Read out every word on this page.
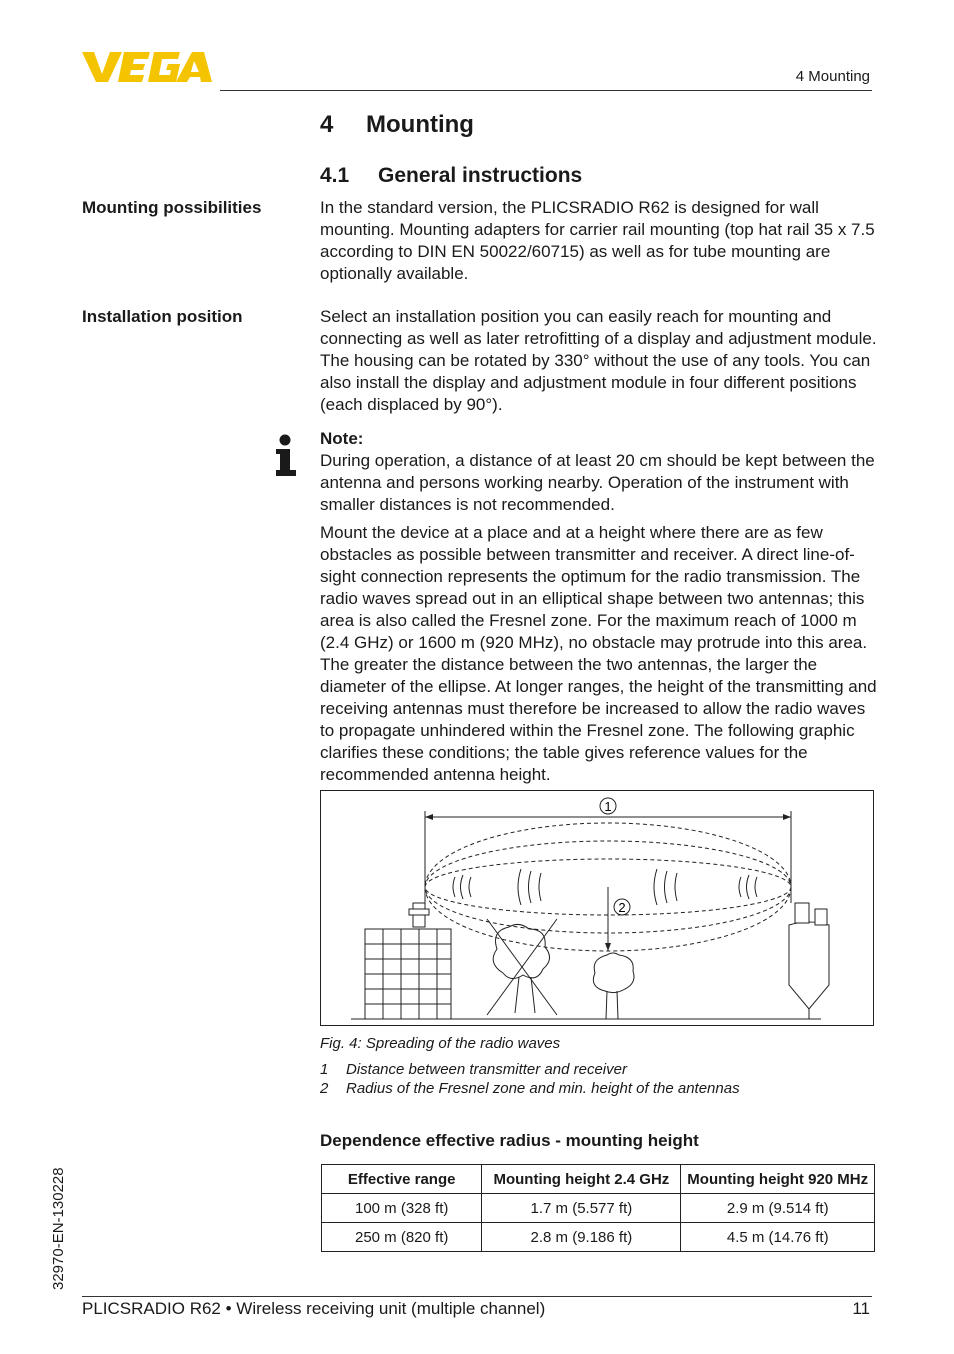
4 Mounting
4 Mounting
4.1 General instructions
Mounting possibilities	In the standard version, the PLICSRADIO R62 is designed for wall mounting. Mounting adapters for carrier rail mounting (top hat rail 35 x 7.5 according to DIN EN 50022/60715) as well as for tube mounting are optionally available.

Installation position	Select an installation position you can easily reach for mounting and connecting as well as later retrofitting of a display and adjustment module. The housing can be rotated by 330° without the use of any tools. You can also install the display and adjustment module in four different positions (each displaced by 90°).

Note:

During operation, a distance of at least 20 cm should be kept between the antenna and persons working nearby. Operation of the instrument with smaller distances is not recommended.

Mount the device at a place and at a height where there are as few obstacles as possible between transmitter and receiver. A direct line-of-sight connection represents the optimum for the radio transmission. The radio waves spread out in an elliptical shape between two antennas; this area is also called the Fresnel zone. For the maximum reach of 1000 m (2.4 GHz) or 1600 m (920 MHz), no obstacle may protrude into this area. The greater the distance between the two antennas, the larger the diameter of the ellipse. At longer ranges, the height of the transmitting and receiving antennas must therefore be increased to allow the radio waves to propagate unhindered within the Fresnel zone. The following graphic clarifies these conditions; the table gives reference values for the recommended antenna height.

1
2
Fig. 4: Spreading of the radio waves
1 Distance between transmitter and receiver
2 Radius of the Fresnel zone and min. height of the antennas
Dependence effective radius - mounting height
Effective range	Mounting height 2.4 GHz	Mounting height 920 MHz
100 m (328 ft)	1.7 m (5.577 ft)	2.9 m (9.514 ft)
250 m (820 ft)	2.8 m (9.186 ft)	4.5 m (14.76 ft)
32970-EN-130228
PLICSRADIO R62 • Wireless receiving unit (multiple channel)	11
